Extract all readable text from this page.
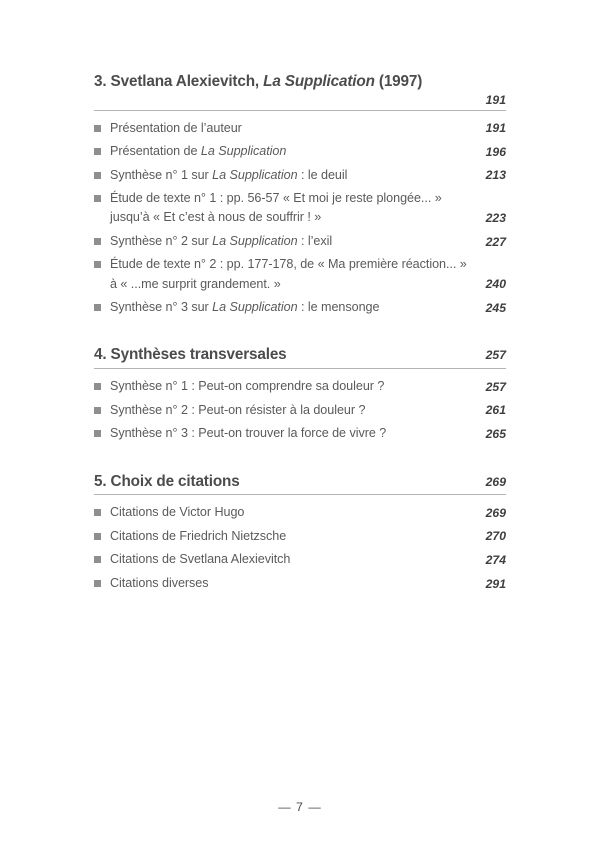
3. Svetlana Alexievitch, La Supplication (1997)
191
Présentation de l’auteur	191
Présentation de La Supplication	196
Synthèse n° 1 sur La Supplication : le deuil	213
Étude de texte n° 1 : pp. 56-57 « Et moi je reste plongée... »
jusqu’à « Et c’est à nous de souffrir ! »	223
Synthèse n° 2 sur La Supplication : l’exil	227
Étude de texte n° 2 : pp. 177-178, de « Ma première réaction... »
à « ...me surprit grandement. »	240
Synthèse n° 3 sur La Supplication : le mensonge	245
4. Synthèses transversales	257
Synthèse n° 1 : Peut-on comprendre sa douleur ?	257
Synthèse n° 2 : Peut-on résister à la douleur ?	261
Synthèse n° 3 : Peut-on trouver la force de vivre ?	265
5. Choix de citations	269
Citations de Victor Hugo	269
Citations de Friedrich Nietzsche	270
Citations de Svetlana Alexievitch	274
Citations diverses	291
— 7 —
